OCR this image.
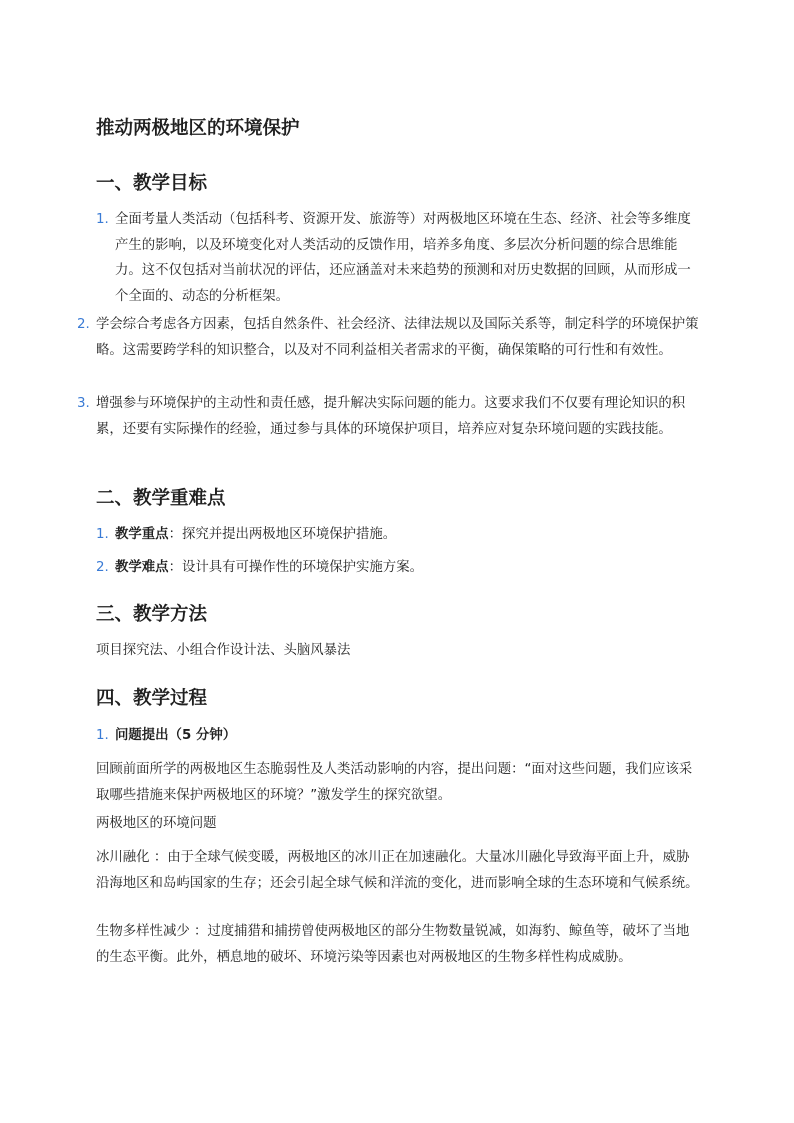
推动两极地区的环境保护
一、教学目标

1. 全面考量人类活动（包括科考、资源开发、旅游等）对两极地区环境在生态、经济、社会等多维度产生的影响，以及环境变化对人类活动的反馈作用，培养多角度、多层次分析问题的综合思维能力。这不仅包括对当前状况的评估，还应涵盖对未来趋势的预测和对历史数据的回顾，从而形成一个全面的、动态的分析框架。

2. 学会综合考虑各方因素，包括自然条件、社会经济、法律法规以及国际关系等，制定科学的环境保护策略。这需要跨学科的知识整合，以及对不同利益相关者需求的平衡，确保策略的可行性和有效性。

3. 增强参与环境保护的主动性和责任感，提升解决实际问题的能力。这要求我们不仅要有理论知识的积累，还要有实际操作的经验，通过参与具体的环境保护项目，培养应对复杂环境问题的实践技能。

二、教学重难点

1. 教学重点：探究并提出两极地区环境保护措施。

2. 教学难点：设计具有可操作性的环境保护实施方案。

三、教学方法

项目探究法、小组合作设计法、头脑风暴法

四、教学过程

1. 问题提出（5 分钟）

回顾前面所学的两极地区生态脆弱性及人类活动影响的内容，提出问题：“面对这些问题，我们应该采取哪些措施来保护两极地区的环境？”激发学生的探究欲望。

两极地区的环境问题

冰川融化 ：由于全球气候变暖，两极地区的冰川正在加速融化。大量冰川融化导致海平面上升，威胁沿海地区和岛屿国家的生存；还会引起全球气候和洋流的变化，进而影响全球的生态环境和气候系统。

生物多样性减少 ：过度捕猎和捕捞曾使两极地区的部分生物数量锐减，如海豹、鲸鱼等，破坏了当地的生态平衡。此外，栖息地的破坏、环境污染等因素也对两极地区的生物多样性构成威胁。
